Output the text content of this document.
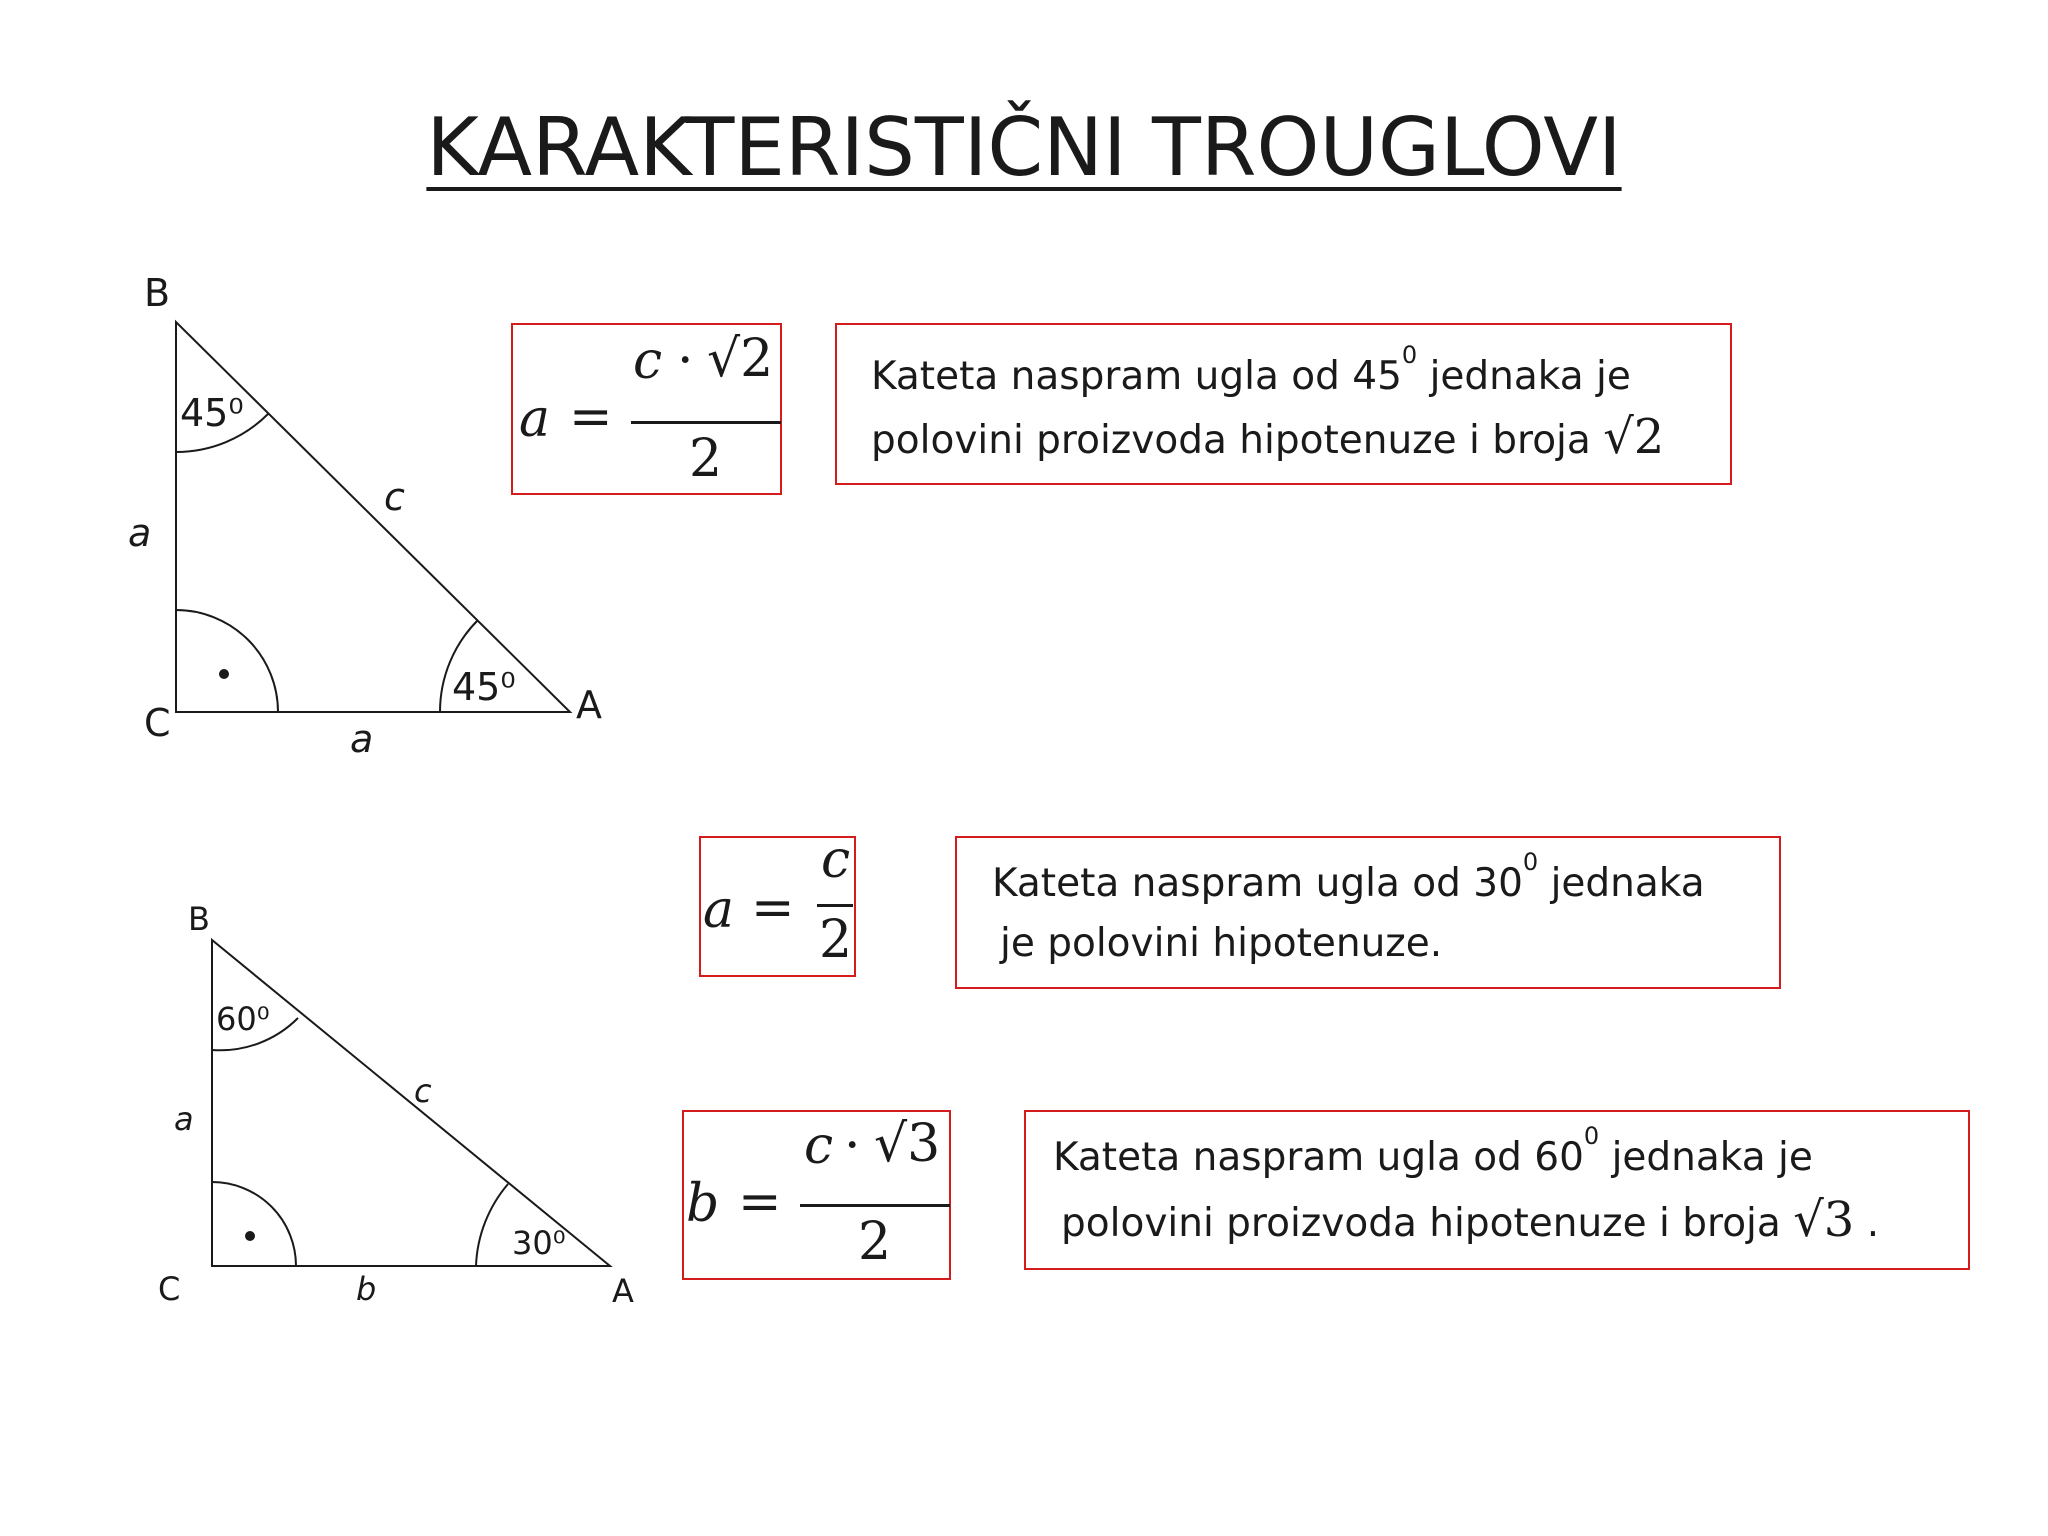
KARAKTERISTIČNI TROUGLOVI
B
C	A
a
a
c
45⁰
45⁰
B
C	A
a
b
c
60⁰
30⁰
a =
c · √2
2
Kateta naspram ugla od $45^0$ jednaka je
polovini proizvoda hipotenuze i broja √2
a =
c
2
Kateta naspram ugla od $30^0$ jednaka
je polovini hipotenuze.
b =
c · √3
2
Kateta naspram ugla od $60^0$ jednaka je
polovini proizvoda hipotenuze i broja √3 .
